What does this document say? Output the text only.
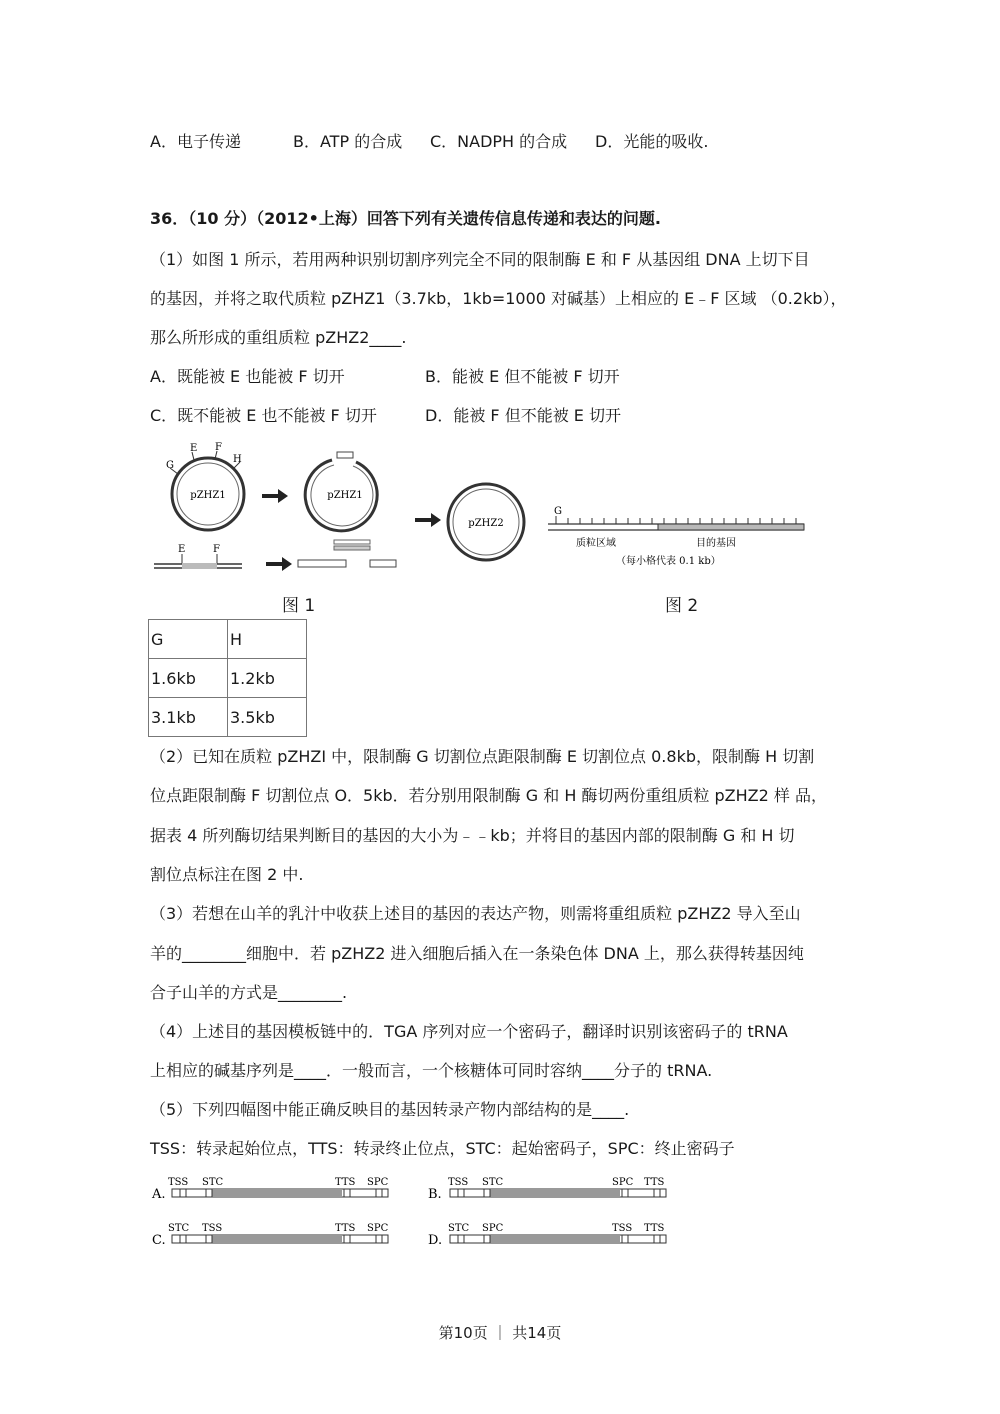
A．电子传递	B．ATP 的合成 C．NADPH 的合成 D．光能的吸收.
36．（10 分）（2012•上海）回答下列有关遗传信息传递和表达的问题.
（1）如图 1 所示，若用两种识别切割序列完全不同的限制酶 E 和 F 从基因组 DNA 上切下目
的基因，并将之取代质粒 pZHZ1（3.7kb，1kb=1000 对碱基）上相应的 E﹣F 区域 （0.2kb），
那么所形成的重组质粒 pZHZ2____.
A．既能被 E 也能被 F 切开	B．能被 E 但不能被 F 切开
C．既不能被 E 也不能被 F 切开	D．能被 F 但不能被 E 切开
pZHZ1
E F
G
H
pZHZ1
pZHZ2
E	F
图 1
G
质粒区域	目的基因
（每小格代表 0.1 kb）
图 2
G	H
1.6kb	1.2kb
3.1kb	3.5kb
（2）已知在质粒 pZHZI 中，限制酶 G 切割位点距限制酶 E 切割位点 0.8kb，限制酶 H 切割
位点距限制酶 F 切割位点 O．5kb．若分别用限制酶 G 和 H 酶切两份重组质粒 pZHZ2 样 品，
据表 4 所列酶切结果判断目的基因的大小为﹣﹣kb；并将目的基因内部的限制酶 G 和 H 切
割位点标注在图 2 中.
（3）若想在山羊的乳汁中收获上述目的基因的表达产物，则需将重组质粒 pZHZ2 导入至山
羊的________细胞中．若 pZHZ2 进入细胞后插入在一条染色体 DNA 上，那么获得转基因纯
合子山羊的方式是________.
（4）上述目的基因模板链中的．TGA 序列对应一个密码子，翻译时识别该密码子的 tRNA
上相应的碱基序列是____．一般而言，一个核糖体可同时容纳____分子的 tRNA.
（5）下列四幅图中能正确反映目的基因转录产物内部结构的是____.
TSS：转录起始位点，TTS：转录终止位点，STC：起始密码子，SPC：终止密码子
A.
TSS STC	TTS SPC
B.
TSS STC	SPC TTS
C.
STC TSS	TTS SPC
D.
STC SPC	TSS TTS
第10页 ｜ 共14页
